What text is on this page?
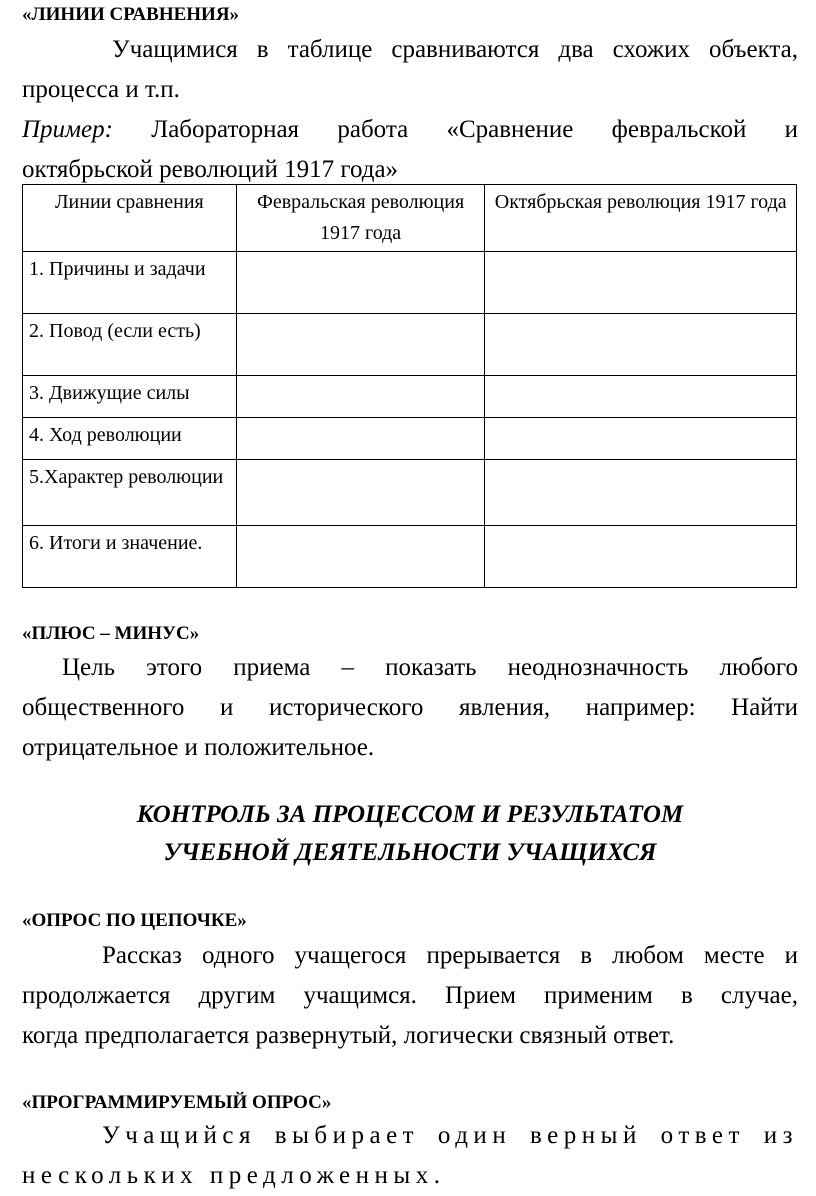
«ЛИНИИ СРАВНЕНИЯ»
Учащимися в таблице сравниваются два схожих объекта,
процесса и т.п.
Пример: Лабораторная работа «Сравнение февральской и
октябрьской революций 1917 года»
Линии сравнения	Февральская революция 1917 года	Октябрьская революция 1917 года
1. Причины и задачи		
2. Повод (если есть)		
3. Движущие силы		
4. Ход революции		
5.Характер революции		
6. Итоги и значение.		
«ПЛЮС – МИНУС»
Цель этого приема – показать неоднозначность любого
общественного и исторического явления, например: Найти
отрицательное и положительное.
КОНТРОЛЬ ЗА ПРОЦЕССОМ И РЕЗУЛЬТАТОМ
УЧЕБНОЙ ДЕЯТЕЛЬНОСТИ УЧАЩИХСЯ
«ОПРОС ПО ЦЕПОЧКЕ»
Рассказ одного учащегося прерывается в любом месте и
продолжается другим учащимся. Прием применим в случае,
когда предполагается развернутый, логически связный ответ.
«ПРОГРАММИРУЕМЫЙ ОПРОС»
Учащийся выбирает один верный ответ из
нескольких предложенных.
